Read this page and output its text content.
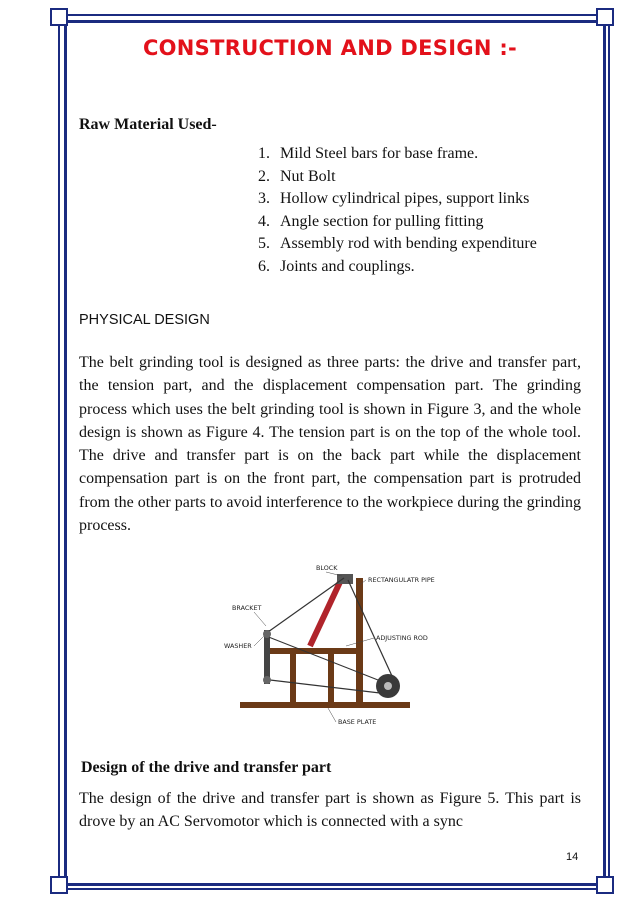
CONSTRUCTION AND DESIGN :-
Raw Material Used-
1. Mild Steel bars for base frame.
2. Nut Bolt
3. Hollow cylindrical pipes, support links
4. Angle section for pulling fitting
5. Assembly rod with bending expenditure
6. Joints and couplings.
PHYSICAL DESIGN

The belt grinding tool is designed as three parts: the drive and transfer part, the tension part, and the displacement compensation part. The grinding process which uses the belt grinding tool is shown in Figure 3, and the whole design is shown as Figure 4. The tension part is on the top of the whole tool. The drive and transfer part is on the back part while the displacement compensation part is on the front part, the compensation part is protruded from the other parts to avoid interference to the workpiece during the grinding process.

BLOCK
RECTANGULATR PIPE
BRACKET
WASHER
ADJUSTING ROD
BASE PLATE
Design of the drive and transfer part

The design of the drive and transfer part is shown as Figure 5. This part is drove by an AC Servomotor which is connected with a sync

14
